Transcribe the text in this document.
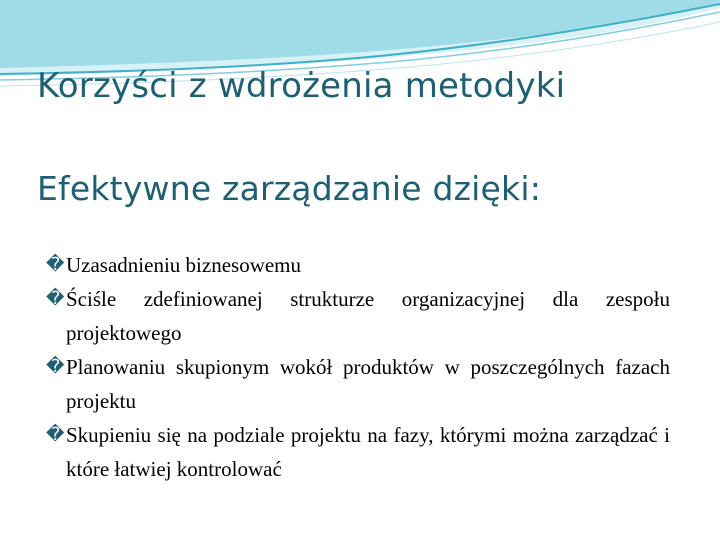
Korzyści z wdrożenia metodyki
Efektywne zarządzanie dzięki:
� Uzasadnieniu biznesowemu
� Ściśle zdefiniowanej strukturze organizacyjnej dla zespołu projektowego
� Planowaniu skupionym wokół produktów w poszczególnych fazach projektu
� Skupieniu się na podziale projektu na fazy, którymi można zarządzać i które łatwiej kontrolować
